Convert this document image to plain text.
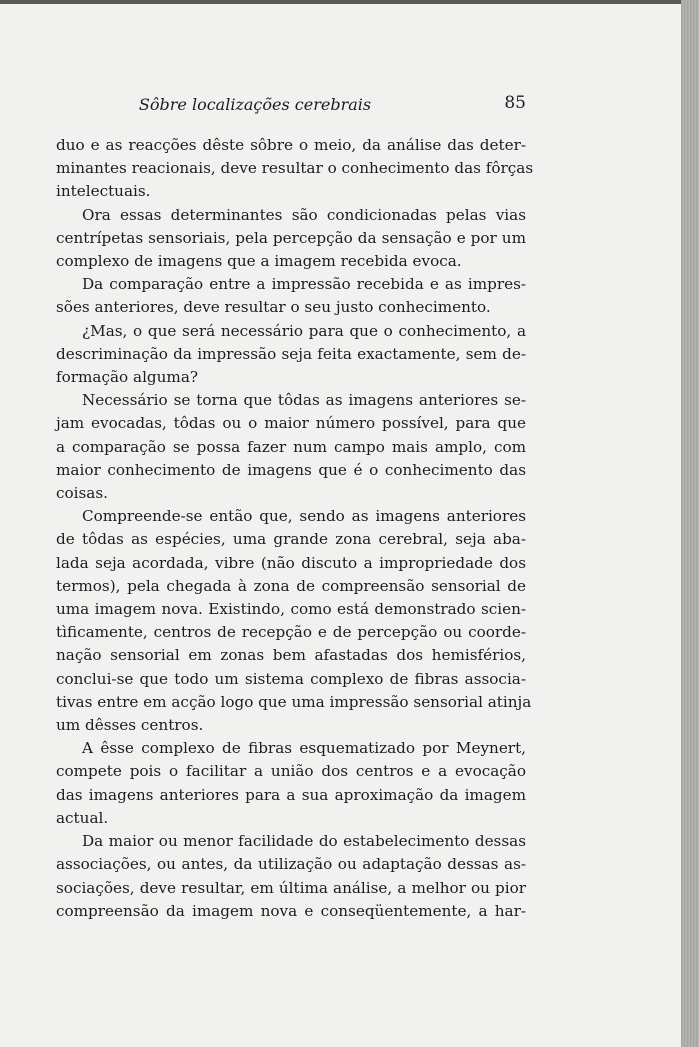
Sôbre localizações cerebrais	85
duo e as reacções dêste sôbre o meio, da análise das deter-
minantes reacionais, deve resultar o conhecimento das fôrças
intelectuais.
Ora essas determinantes são condicionadas pelas vias
centrípetas sensoriais, pela percepção da sensação e por um
complexo de imagens que a imagem recebida evoca.
Da comparação entre a impressão recebida e as impres-
sões anteriores, deve resultar o seu justo conhecimento.
¿Mas, o que será necessário para que o conhecimento, a
descriminação da impressão seja feita exactamente, sem de-
formação alguma?
Necessário se torna que tôdas as imagens anteriores se-
jam evocadas, tôdas ou o maior número possível, para que
a comparação se possa fazer num campo mais amplo, com
maior conhecimento de imagens que é o conhecimento das
coisas.
Compreende-se então que, sendo as imagens anteriores
de tôdas as espécies, uma grande zona cerebral, seja aba-
lada seja acordada, vibre (não discuto a impropriedade dos
termos), pela chegada à zona de compreensão sensorial de
uma imagem nova. Existindo, como está demonstrado scien-
tìficamente, centros de recepção e de percepção ou coorde-
nação sensorial em zonas bem afastadas dos hemisférios,
conclui-se que todo um sistema complexo de fibras associa-
tivas entre em acção logo que uma impressão sensorial atinja
um dêsses centros.
A êsse complexo de fibras esquematizado por Meynert,
compete pois o facilitar a união dos centros e a evocação
das imagens anteriores para a sua aproximação da imagem
actual.
Da maior ou menor facilidade do estabelecimento dessas
associações, ou antes, da utilização ou adaptação dessas as-
sociações, deve resultar, em última análise, a melhor ou pior
compreensão da imagem nova e conseqüentemente, a har-
